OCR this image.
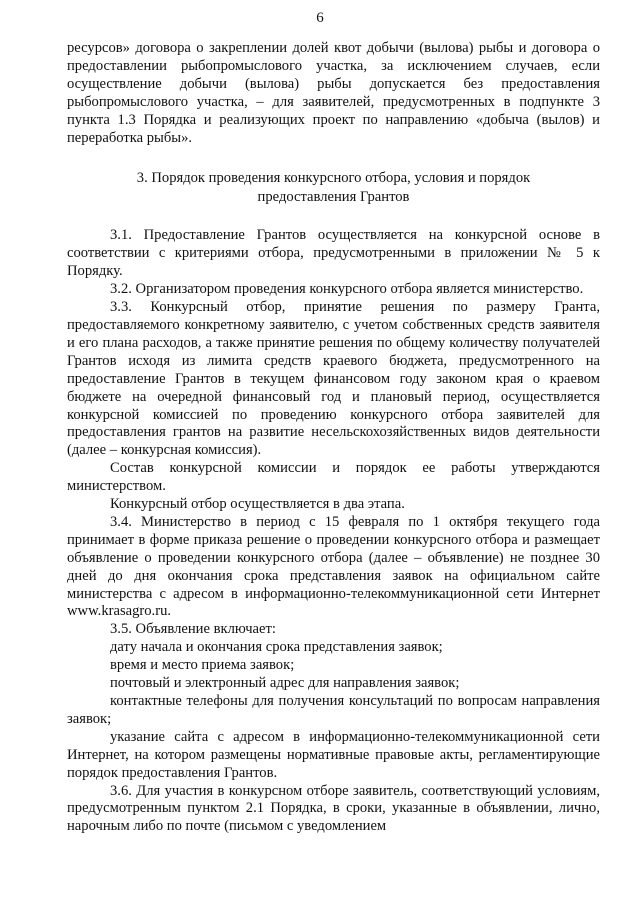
6
ресурсов» договора о закреплении долей квот добычи (вылова) рыбы и договора о предоставлении рыбопромыслового участка, за исключением случаев, если осуществление добычи (вылова) рыбы допускается без предоставления рыбопромыслового участка, – для заявителей, предусмотренных в подпункте 3 пункта 1.3 Порядка и реализующих проект по направлению «добыча (вылов) и переработка рыбы».
3. Порядок проведения конкурсного отбора, условия и порядок
предоставления Грантов
3.1. Предоставление Грантов осуществляется на конкурсной основе в соответствии с критериями отбора, предусмотренными в приложении № 5 к Порядку.
3.2. Организатором проведения конкурсного отбора является министерство.
3.3. Конкурсный отбор, принятие решения по размеру Гранта, предоставляемого конкретному заявителю, с учетом собственных средств заявителя и его плана расходов, а также принятие решения по общему количеству получателей Грантов исходя из лимита средств краевого бюджета, предусмотренного на предоставление Грантов в текущем финансовом году законом края о краевом бюджете на очередной финансовый год и плановый период, осуществляется конкурсной комиссией по проведению конкурсного отбора заявителей для предоставления грантов на развитие несельскохозяйственных видов деятельности (далее – конкурсная комиссия).
Состав конкурсной комиссии и порядок ее работы утверждаются министерством.
Конкурсный отбор осуществляется в два этапа.
3.4. Министерство в период с 15 февраля по 1 октября текущего года принимает в форме приказа решение о проведении конкурсного отбора и размещает объявление о проведении конкурсного отбора (далее – объявление) не позднее 30 дней до дня окончания срока представления заявок на официальном сайте министерства с адресом в информационно-телекоммуникационной сети Интернет www.krasagro.ru.
3.5. Объявление включает:
дату начала и окончания срока представления заявок;
время и место приема заявок;
почтовый и электронный адрес для направления заявок;
контактные телефоны для получения консультаций по вопросам направления заявок;
указание сайта с адресом в информационно-телекоммуникационной сети Интернет, на котором размещены нормативные правовые акты, регламентирующие порядок предоставления Грантов.
3.6. Для участия в конкурсном отборе заявитель, соответствующий условиям, предусмотренным пунктом 2.1 Порядка, в сроки, указанные в объявлении, лично, нарочным либо по почте (письмом с уведомлением
